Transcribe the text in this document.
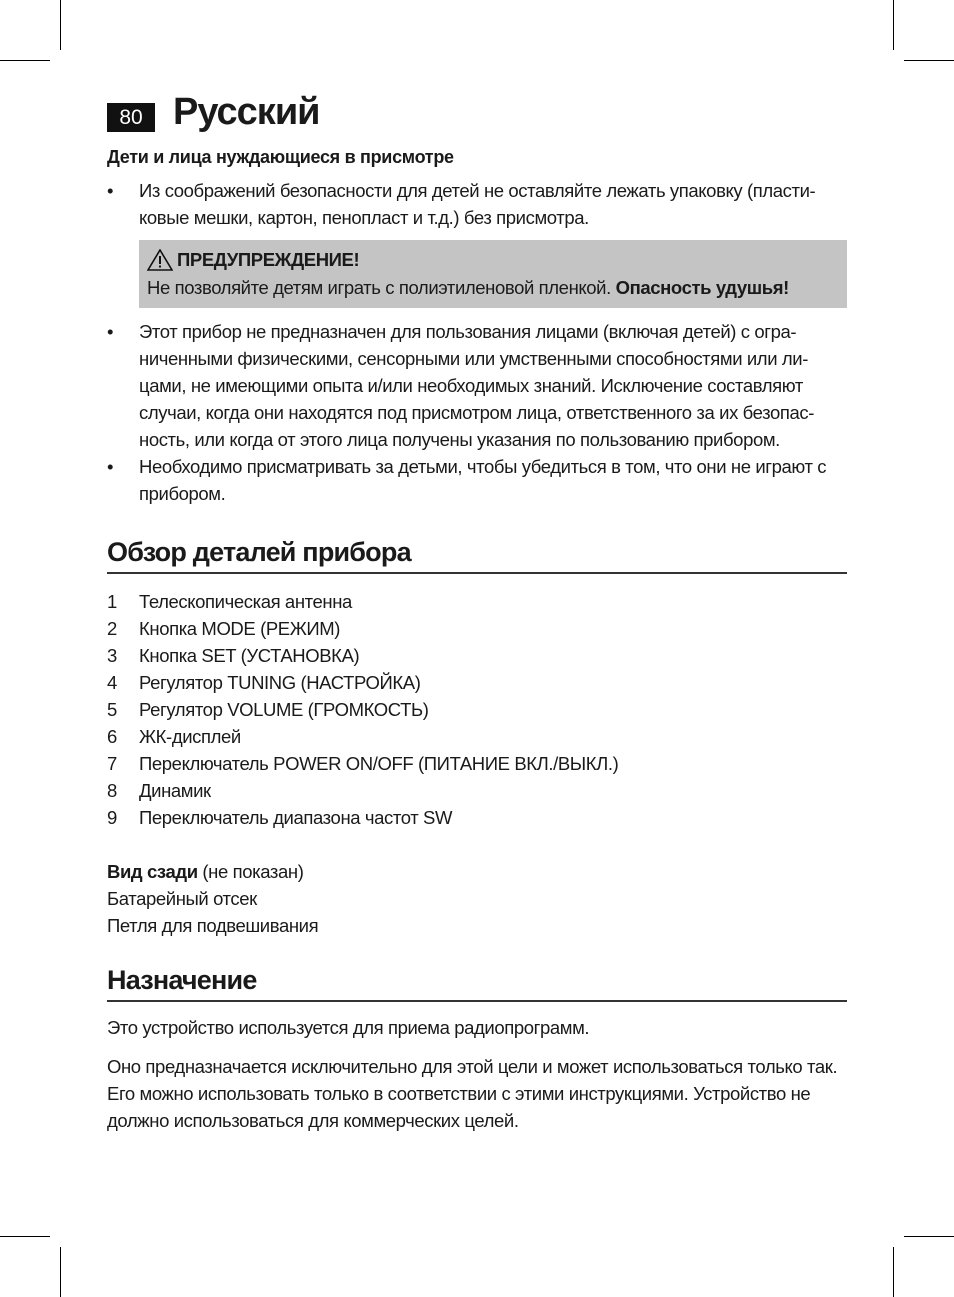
80 Русский

Дети и лица нуждающиеся в присмотре

• Из соображений безопасности для детей не оставляйте лежать упаковку (пласти-ковые мешки, картон, пенопласт и т.д.) без присмотра.
ПРЕДУПРЕЖДЕНИЕ!
Не позволяйте детям играть с полиэтиленовой пленкой. Опасность удушья!
• Этот прибор не предназначен для пользования лицами (включая детей) с огра-ниченными физическими, сенсорными или умственными способностями или ли-цами, не имеющими опыта и/или необходимых знаний. Исключение составляют случаи, когда они находятся под присмотром лица, ответственного за их безопас-ность, или когда от этого лица получены указания по пользованию прибором.
• Необходимо присматривать за детьми, чтобы убедиться в том, что они не играют с прибором.
Обзор деталей прибора
1	Телескопическая антенна
2	Кнопка MODE (РЕЖИМ)
3	Кнопка SET (УСТАНОВКА)
4	Регулятор TUNING (НАСТРОЙКА)
5	Регулятор VOLUME (ГРОМКОСТЬ)
6	ЖК-дисплей
7	Переключатель POWER ON/OFF (ПИТАНИЕ ВКЛ./ВЫКЛ.)
8	Динамик
9	Переключатель диапазона частот SW

Вид сзади (не показан)

Батарейный отсек

Петля для подвешивания

Назначение

Это устройство используется для приема радиопрограмм.

Оно предназначается исключительно для этой цели и может использоваться только так.

Его можно использовать только в соответствии с этими инструкциями. Устройство не должно использоваться для коммерческих целей.
